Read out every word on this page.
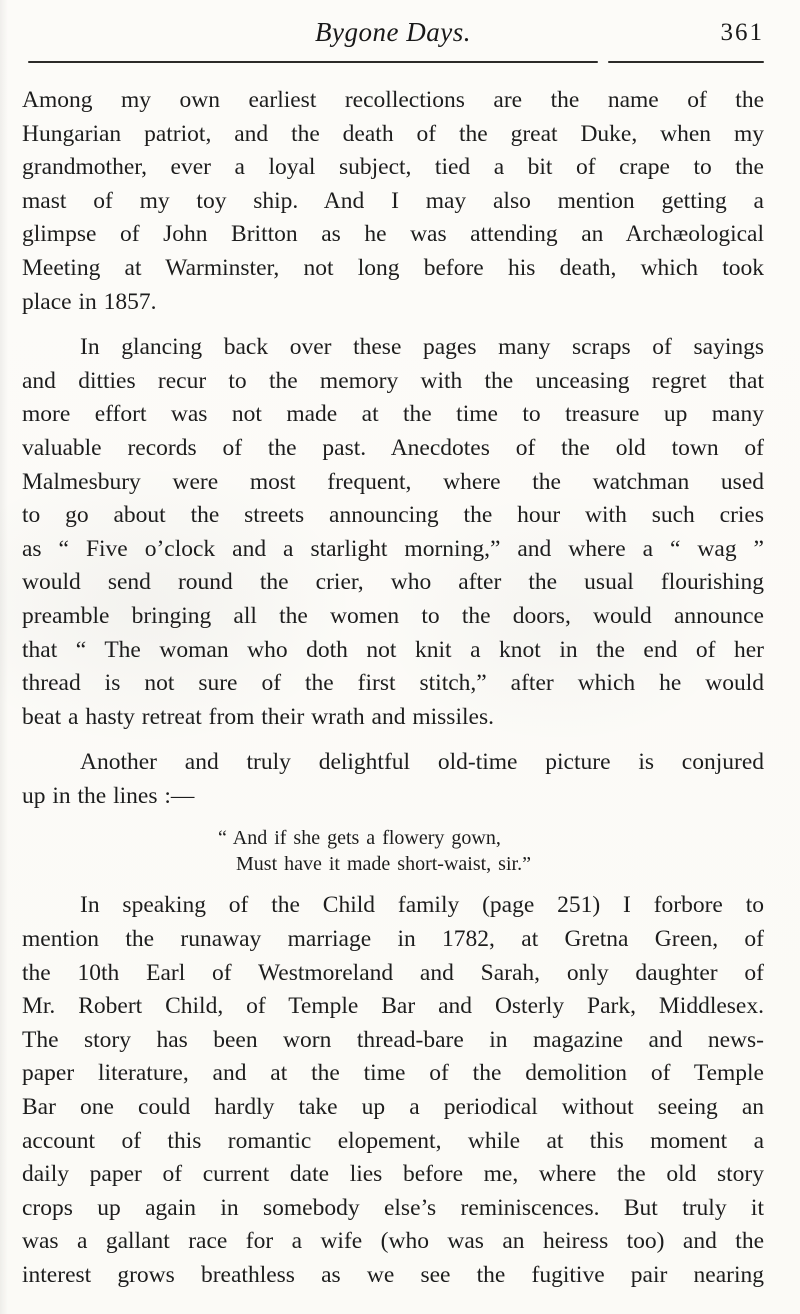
Bygone Days.	361

Among my own earliest recollections are the name of the
Hungarian patriot, and the death of the great Duke, when my
grandmother, ever a loyal subject, tied a bit of crape to the
mast of my toy ship. And I may also mention getting a
glimpse of John Britton as he was attending an Archæological
Meeting at Warminster, not long before his death, which took
place in 1857.

In glancing back over these pages many scraps of sayings
and ditties recur to the memory with the unceasing regret that
more effort was not made at the time to treasure up many
valuable records of the past. Anecdotes of the old town of
Malmesbury were most frequent, where the watchman used
to go about the streets announcing the hour with such cries
as “ Five o’clock and a starlight morning,” and where a “ wag ”
would send round the crier, who after the usual flourishing
preamble bringing all the women to the doors, would announce
that “ The woman who doth not knit a knot in the end of her
thread is not sure of the first stitch,” after which he would
beat a hasty retreat from their wrath and missiles.

Another and truly delightful old-time picture is conjured
up in the lines :—

“ And if she gets a flowery gown,
Must have it made short-waist, sir.”

In speaking of the Child family (page 251) I forbore to
mention the runaway marriage in 1782, at Gretna Green, of
the 10th Earl of Westmoreland and Sarah, only daughter of
Mr. Robert Child, of Temple Bar and Osterly Park, Middlesex.
The story has been worn thread-bare in magazine and news-
paper literature, and at the time of the demolition of Temple
Bar one could hardly take up a periodical without seeing an
account of this romantic elopement, while at this moment a
daily paper of current date lies before me, where the old story
crops up again in somebody else’s reminiscences. But truly it
was a gallant race for a wife (who was an heiress too) and the
interest grows breathless as we see the fugitive pair nearing
